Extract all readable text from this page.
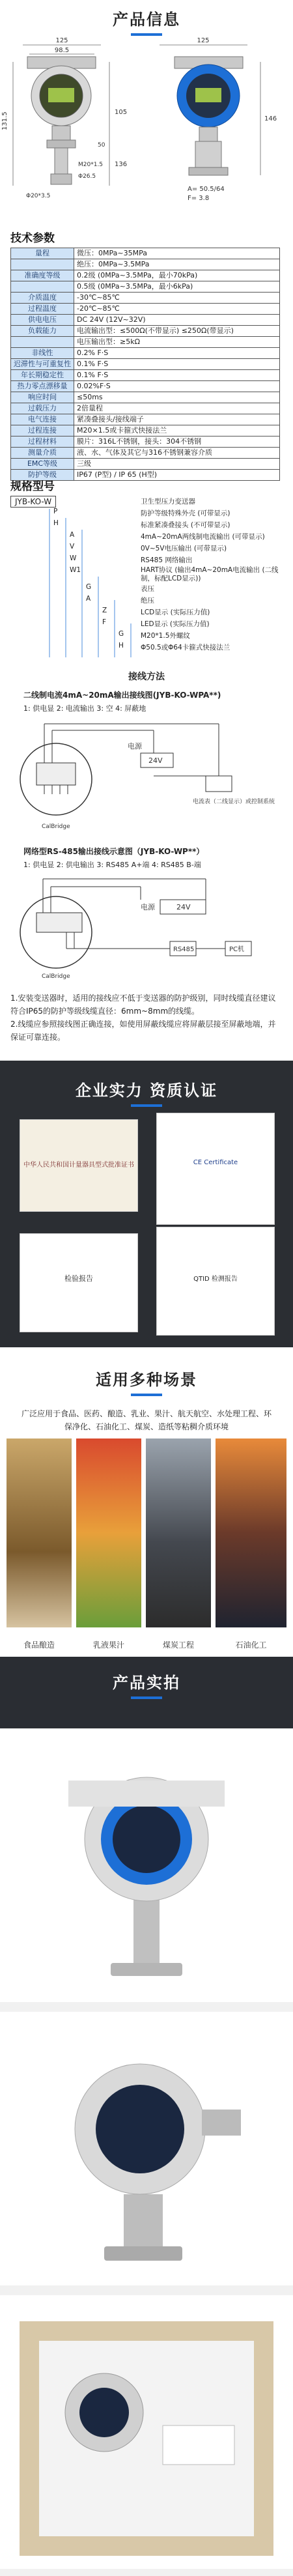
产品信息
125
98.5
105
131.5
136
M20*1.5
Φ26.5
Φ20*3.5
50
125
146
A= 50.5/64
F= 3.8
技术参数
量程	微压：0MPa~35MPa
	绝压：0MPa~3.5MPa
准确度等级	0.2级 (0MPa~3.5MPa，最小70kPa)
	0.5级 (0MPa~3.5MPa，最小6kPa)
介质温度	-30℃~85℃
过程温度	-20℃~85℃
供电电压	DC 24V (12V~32V)
负载能力	电流输出型：≤500Ω(不带显示) ≤250Ω(带显示)
	电压输出型：≥5kΩ
非线性	0.2% F·S
迟滞性与可重复性	0.1% F·S
年长期稳定性	0.1% F·S
热力零点漂移量	0.02%F·S
响应时间	≤50ms
过载压力	2倍量程
电气连接	紧凑叠接头/接线端子
过程连接	M20×1.5或卡箍式快接法兰
过程材料	膜片：316L不锈钢，接头：304不锈钢
测量介质	液、水、气体及其它与316不锈钢兼容介质
EMC等级	三级
防护等级	IP67 (P型) / IP 65 (H型)
规格型号
JYB-KO-W	卫生型压力变送器
防护等级特殊外壳 (可带显示)
标准紧凑叠接头 (不可带显示)
4mA~20mA两线制电流输出 (可带显示)
0V~5V电压输出 (可带显示)
RS485 网络输出
HART协议 (输出4mA~20mA电流输出 (二线制，标配LCD显示))
表压
绝压
LCD显示 (实际压力值)
LED显示 (实际压力值)
M20*1.5外螺纹
Φ50.5或Φ64卡箍式快接法兰
P
H
A
V
W
W1
G
A
Z
F
G
H
接线方法
二线制电流4mA~20mA输出接线图(JYB-KO-WPA**)
1: 供电显 2: 电流输出 3: 空 4: 屏蔽地
电源
24V
电流表（二线显示）或控制系统
CalBridge
网络型RS-485输出接线示意图（JYB-KO-WP**）
1: 供电显 2: 供电输出 3: RS485 A+端 4: RS485 B-端
电源	24V
RS485	PC机
CalBridge
1.安装变送器时，适用的接线应不低于变送器的防护级别，同时线缆直径建议符合IP65的防护等级线缆直径：6mm~8mm的线缆。
2.线缆应参照接线图正确连接，如使用屏蔽线缆应将屏蔽层接至屏蔽地端，并保证可靠连接。
企业实力 资质认证
中华人民共和国计量器具型式批准证书	CE Certificate
检验报告	QTID 检测报告
适用多种场景
广泛应用于食品、医药、酿造、乳业、果汁、航天航空、水处理工程、环保净化、石油化工、煤炭、造纸等粘稠介质环境
食品酿造	乳液果汁	煤炭工程	石油化工
产品实拍
